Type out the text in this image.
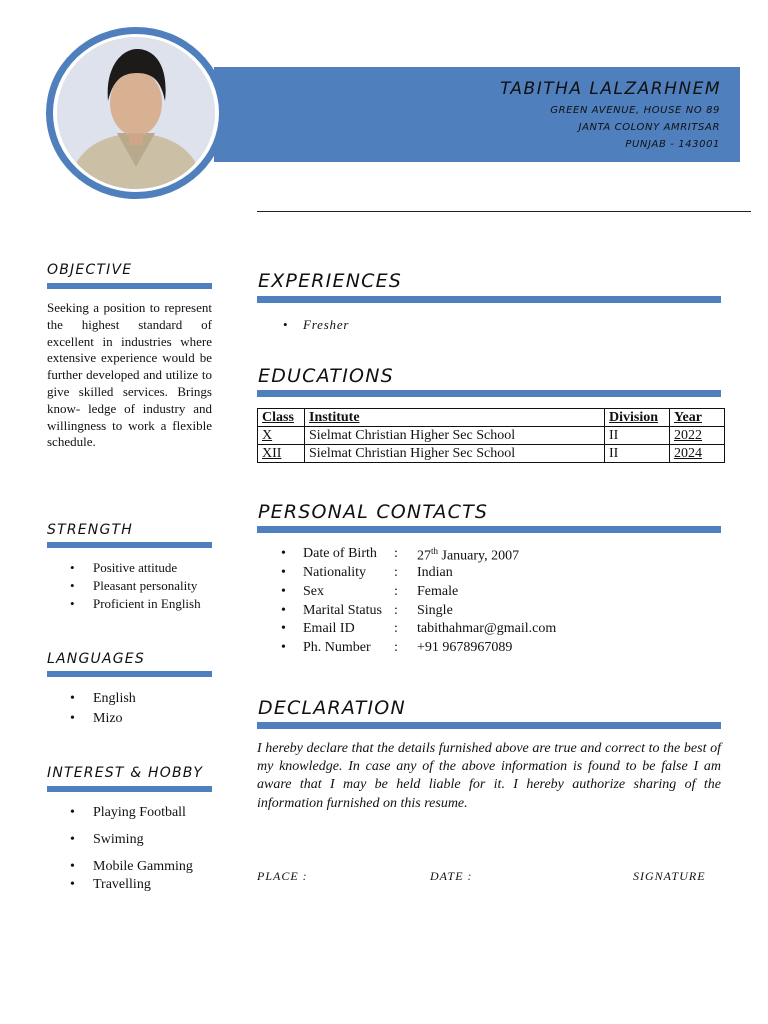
TABITHA LALZARHNEM
GREEN AVENUE, HOUSE NO 89
JANTA COLONY AMRITSAR
PUNJAB - 143001
OBJECTIVE
Seeking a position to represent the highest standard of excellent in industries where extensive experience would be further developed and utilize to give skilled services. Brings know- ledge of industry and willingness to work a flexible schedule.
STRENGTH
• Positive attitude
• Pleasant personality
• Proficient in English
LANGUAGES
• English
• Mizo
INTEREST & HOBBY
• Playing Football
• Swiming
• Mobile Gamming
• Travelling
EXPERIENCES
• Fresher
EDUCATIONS
Class	Institute	Division	Year
X	Sielmat Christian Higher Sec School	II	2022
XII	Sielmat Christian Higher Sec School	II	2024
PERSONAL CONTACTS
• Date of Birth : 27th January, 2007
• Nationality : Indian
• Sex	: Female
• Marital Status : Single
• Email ID	: tabithahmar@gmail.com
• Ph. Number : +91 9678967089
DECLARATION
I hereby declare that the details furnished above are true and correct to the best of my knowledge. In case any of the above information is found to be false I am aware that I may be held liable for it. I hereby authorize sharing of the information furnished on this resume.
PLACE :	DATE :	SIGNATURE
